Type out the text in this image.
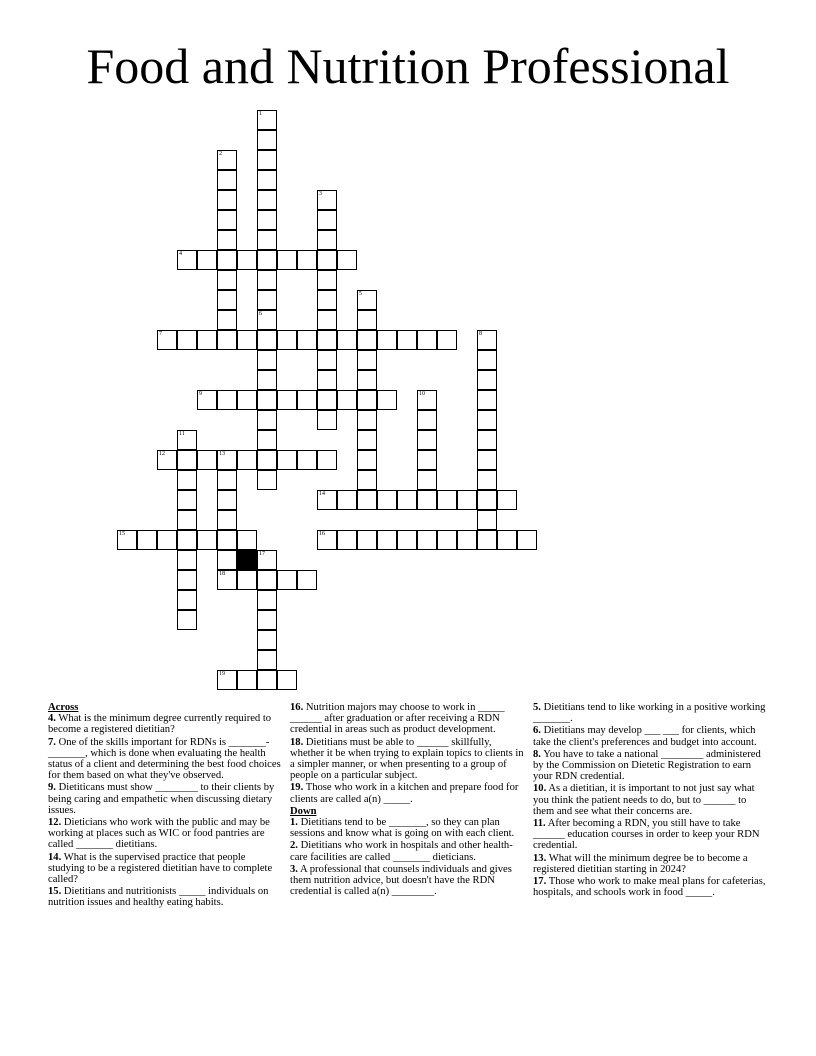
Food and Nutrition Professional
4
7
9
12	13
14
15	16
18
19
1
2
3
5
6
8
10
11
17
Across
4. What is the minimum degree currently required to become a registered dietitian?
7. One of the skills important for RDNs is _______-_______, which is done when evaluating the health status of a client and determining the best food choices for them based on what they've observed.
9. Dietiticans must show ________ to their clients by being caring and empathetic when discussing dietary issues.
12. Dieticians who work with the public and may be working at places such as WIC or food pantries are called _______ dietitians.
14. What is the supervised practice that people studying to be a registered dietitian have to complete called?
15. Dietitians and nutritionists _____ individuals on nutrition issues and healthy eating habits.
16. Nutrition majors may choose to work in _____ ______ after graduation or after receiving a RDN credential in areas such as product development.
18. Dietitians must be able to ______ skillfully, whether it be when trying to explain topics to clients in a simpler manner, or when presenting to a group of people on a particular subject.
19. Those who work in a kitchen and prepare food for clients are called a(n) _____.
Down
1. Dietitians tend to be _______, so they can plan sessions and know what is going on with each client.
2. Dietitians who work in hospitals and other health-care facilities are called _______ dieticians.
3. A professional that counsels individuals and gives them nutrition advice, but doesn't have the RDN credential is called a(n) ________.
5. Dietitians tend to like working in a positive working _______.
6. Dietitians may develop ___ ___ for clients, which take the client's preferences and budget into account.
8. You have to take a national ________ administered by the Commission on Dietetic Registration to earn your RDN credential.
10. As a dietitian, it is important to not just say what you think the patient needs to do, but to ______ to them and see what their concerns are.
11. After becoming a RDN, you still have to take ______ education courses in order to keep your RDN credential.
13. What will the minimum degree be to become a registered dietitian starting in 2024?
17. Those who work to make meal plans for cafeterias, hospitals, and schools work in food _____.
